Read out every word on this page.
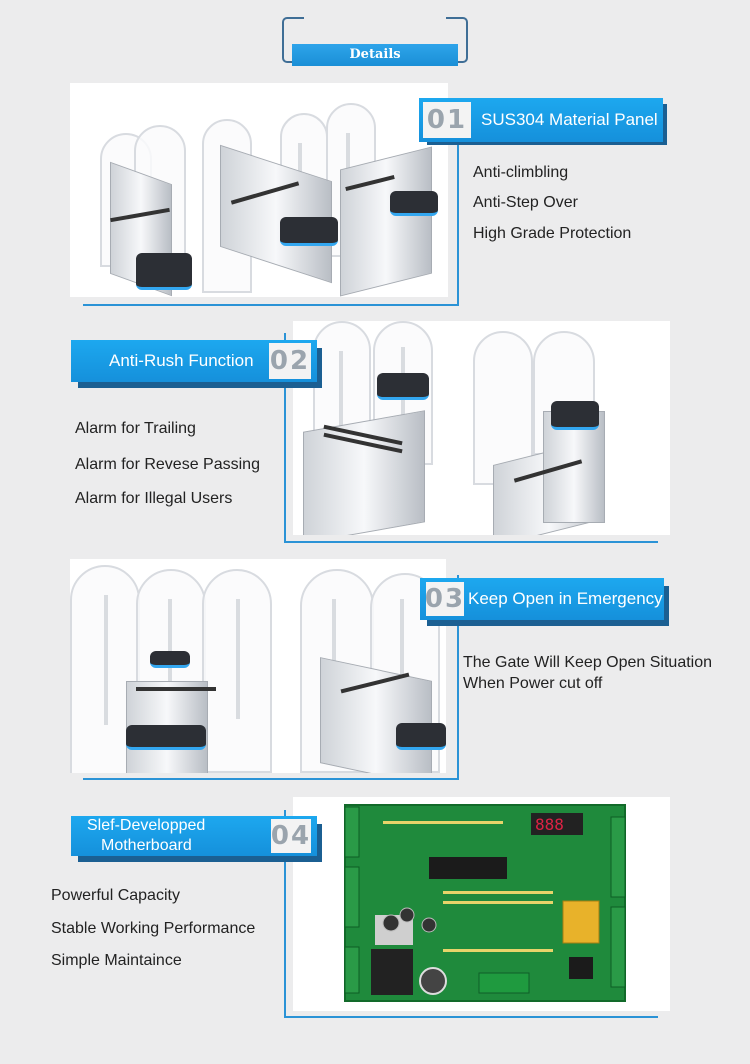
Details
01 SUS304 Material Panel
Anti-climbling
Anti-Step Over
High Grade Protection
Anti-Rush Function 02
Alarm for Trailing
Alarm for Revese Passing
Alarm for Illegal Users
03 Keep Open in Emergency
The Gate Will Keep Open Situation
When Power cut off
888
Slef-Developped
Motherboard	04
Powerful Capacity
Stable Working Performance
Simple Maintaince
